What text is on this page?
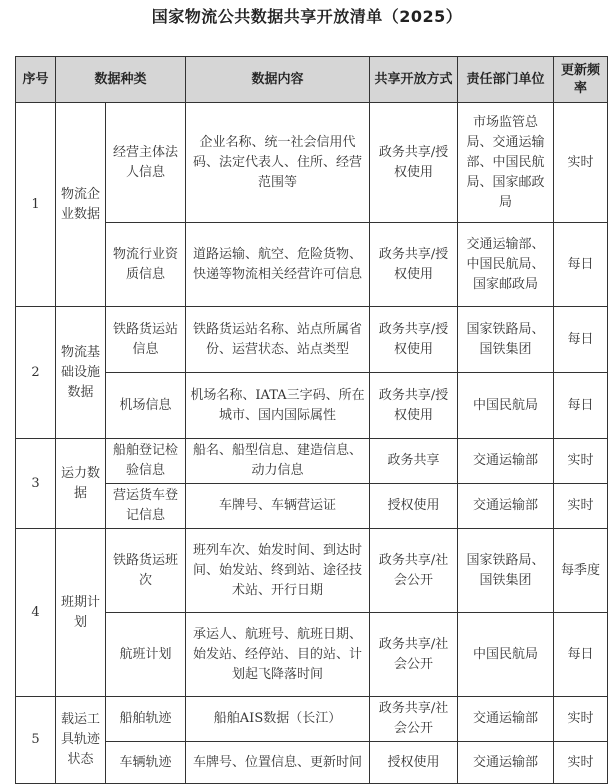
国家物流公共数据共享开放清单（2025）
序号	数据种类		数据内容	共享开放方式	责任部门单位	更新频率
1	物流企业数据	经营主体法人信息	企业名称、统一社会信用代码、法定代表人、住所、经营范围等	政务共享/授权使用	市场监管总局、交通运输部、中国民航局、国家邮政局	实时
		物流行业资质信息	道路运输、航空、危险货物、快递等物流相关经营许可信息	政务共享/授权使用	交通运输部、中国民航局、国家邮政局	每日
2	物流基础设施数据	铁路货运站信息	铁路货运站名称、站点所属省份、运营状态、站点类型	政务共享/授权使用	国家铁路局、国铁集团	每日
		机场信息	机场名称、IATA三字码、所在城市、国内国际属性	政务共享/授权使用	中国民航局	每日
3	运力数据	船舶登记检验信息	船名、船型信息、建造信息、动力信息	政务共享	交通运输部	实时
		营运货车登记信息	车牌号、车辆营运证	授权使用	交通运输部	实时
4	班期计划	铁路货运班次	班列车次、始发时间、到达时间、始发站、终到站、途径技术站、开行日期	政务共享/社会公开	国家铁路局、国铁集团	每季度
		航班计划	承运人、航班号、航班日期、始发站、经停站、目的站、计划起飞降落时间	政务共享/社会公开	中国民航局	每日
5	载运工具轨迹状态	船舶轨迹	船舶AIS数据（长江）	政务共享/社会公开	交通运输部	实时
		车辆轨迹	车牌号、位置信息、更新时间	授权使用	交通运输部	实时
